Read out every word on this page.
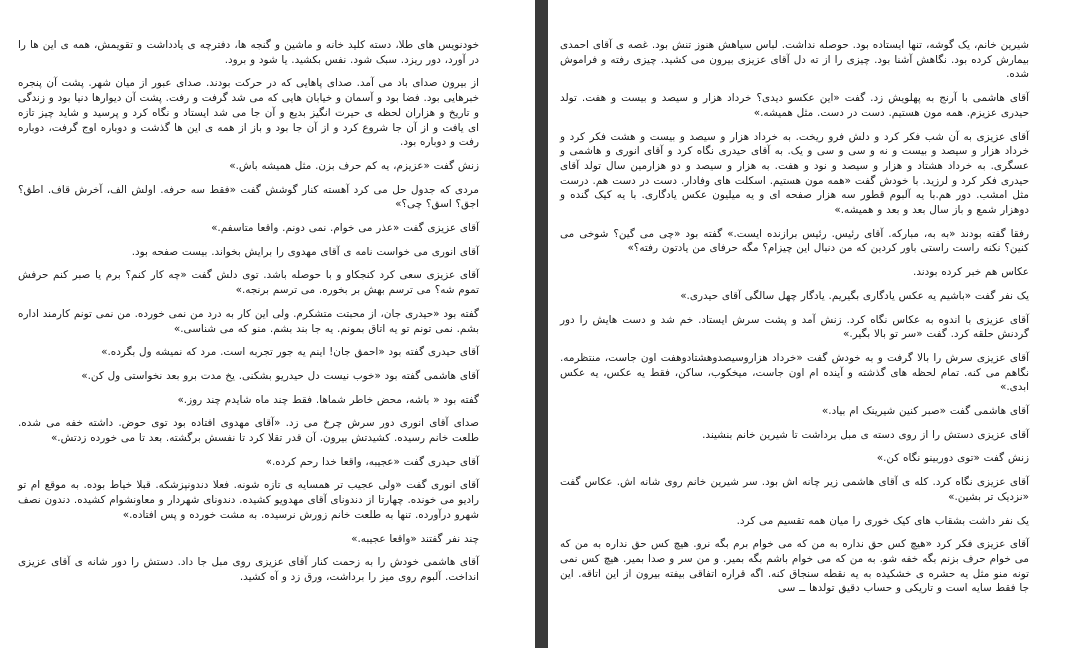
خودنویس های طلا، دسته کلید خانه و ماشین و گنجه ها، دفترچه ی یادداشت و تقویمش، همه ی این ها را در آورد، دور ریزد. سبک شود. نفس بکشید. یا شود و برود.

از بیرون صدای باد می آمد. صدای پاهایی که در حرکت بودند. صدای عبور از میان شهر. پشت آن پنجره خبرهایی بود. فضا بود و آسمان و خیابان هایی که می شد گرفت و رفت. پشت آن دیوارها دنیا بود و زندگی و تاریخ و هزاران لحظه ی حیرت انگیز بدیع و آن جا می شد ایستاد و نگاه کرد و پرسید و شاید چیز تازه ای یافت و از آن جا شروع کرد و از آن جا بود و باز از همه ی این ها گذشت و دوباره اوج گرفت، دوباره رفت و دوباره بود.

زنش گفت «عزیزم، یه کم حرف بزن. مثل همیشه باش.»

مردی که جدول حل می کرد آهسته کنار گوشش گفت «فقط سه حرفه. اولش الف، آخرش قاف. اطق؟ اجق؟ اسق؟ چی؟»

آقای عزیزی گفت «عذر می خوام. نمی دونم. واقعا متاسفم.»

آقای انوری می خواست نامه ی آقای مهدوی را برایش بخواند. بیست صفحه بود.

آقای عزیزی سعی کرد کنجکاو و با حوصله باشد. توی دلش گفت «چه کار کنم؟ برم یا صبر کنم حرفش تموم شه؟ می ترسم بهش بر بخوره. می ترسم برنجه.»

گفته بود «حیدری جان، از محبتت متشکرم. ولی این کار به درد من نمی خورده. من نمی تونم کارمند اداره بشم. نمی تونم تو یه اتاق بمونم. یه جا بند بشم. منو که می شناسی.»

آقای حیدری گفته بود «احمق جان! اینم یه جور تجربه است. مرد که نمیشه ول بگرده.»

آقای هاشمی گفته بود «خوب نیست دل حیدریو بشکنی. یخ مدت برو بعد نخواستی ول کن.»

گفته بود « باشه، محض خاطر شماها. فقط چند ماه شایدم چند روز.»

صدای آقای انوری دور سرش چرخ می زد. «آقای مهدوی افتاده بود توی حوض. داشته خفه می شده. طلعت خانم رسیده. کشیدتش بیرون. آن قدر تقلا کرد تا نفسش برگشته. بعد تا می خورده زدتش.»

آقای حیدری گفت «عجیبه، واقعا خدا رحم کرده.»

آقای انوری گفت «ولی عجیب تر همسایه ی تازه شونه. فعلا دندونپزشکه. قبلا خیاط بوده. به موقع ام تو رادیو می خونده. چهارتا از دندونای آقای مهدویو کشیده. دندونای شهردار و معاونشوام کشیده. دندون نصف شهرو درآورده. تنها به طلعت خانم زورش نرسیده. به مشت خورده و پس افتاده.»

چند نفر گفتند «واقعا عجیبه.»

آقای هاشمی خودش را به زحمت کنار آقای عزیزی روی مبل جا داد. دستش را دور شانه ی آقای عزیزی انداخت. آلبوم روی میز را برداشت، ورق زد و آه کشید.

شیرین خانم، یک گوشه، تنها ایستاده بود. حوصله نداشت. لباس سیاهش هنوز تنش بود. غصه ی آقای احمدی بیمارش کرده بود. نگاهش آشنا بود. چیزی را از ته دل آقای عزیزی بیرون می کشید. چیزی رفته و فراموش شده.

آقای هاشمی با آرنج به پهلویش زد. گفت «این عکسو دیدی؟ خرداد هزار و سیصد و بیست و هفت. تولد حیدری عزیزم. همه مون هستیم. دست در دست. مثل همیشه.»

آقای عزیزی به آن شب فکر کرد و دلش فرو ریخت. به خرداد هزار و سیصد و بیست و هشت فکر کرد و خرداد هزار و سیصد و بیست و نه و سی و سی و یک. به آقای حیدری نگاه کرد و آقای انوری و هاشمی و عسگری. به خرداد هشتاد و هزار و سیصد و نود و هفت. به هزار و سیصد و دو هزارمین سال تولد آقای حیدری فکر کرد و لرزید. با خودش گفت «همه مون هستیم. اسکلت های وفادار. دست در دست هم. درست مثل امشب. دور هم.با یه آلبوم قطور سه هزار صفحه ای و یه میلیون عکس یادگاری. با یه کیک گنده و دوهزار شمع و باز سال بعد و بعد و همیشه.»

رفقا گفته بودند «به به، مبارکه. آقای رئیس. رئیس برازنده ایست.» گفته بود «چی می گین؟ شوخی می کنین؟ نکنه راست راستی باور کردین که من دنبال این چیزام؟ مگه حرفای من یادتون رفته؟»

عکاس هم خبر کرده بودند.

یک نفر گفت «باشیم یه عکس یادگاری بگیریم. یادگار چهل سالگی آقای حیدری.»

آقای عزیزی با اندوه به عکاس نگاه کرد. زنش آمد و پشت سرش ایستاد. خم شد و دست هایش را دور گردنش حلقه کرد. گفت «سر تو بالا بگیر.»

آقای عزیزی سرش را بالا گرفت و به خودش گفت «خرداد هزاروسیصدوهشتادوهفت اون جاست، منتظرمه. نگاهم می کنه. تمام لحظه های گذشته و آینده ام اون جاست، میخکوب، ساکن، فقط یه عکس، یه عکس ابدی.»

آقای هاشمی گفت «صبر کنین شیرینک ام بیاد.»

آقای عزیزی دستش را از روی دسته ی مبل برداشت تا شیرین خانم بنشیند.

زنش گفت «توی دوربینو نگاه کن.»

آقای عزیزی نگاه کرد. کله ی آقای هاشمی زیر چانه اش بود. سر شیرین خانم روی شانه اش. عکاس گفت «نزدیک تر بشین.»

یک نفر داشت بشقاب های کیک خوری را میان همه تقسیم می کرد.

آقای عزیزی فکر کرد «هیچ کس حق نداره به من که می خوام برم بگه نرو. هیچ کس حق نداره به من که می خوام حرف بزنم بگه خفه شو. به من که می خوام باشم بگه بمیر. و من سر و صدا بمیر. هیچ کس نمی تونه منو مثل یه حشره ی خشکیده به یه نقطه سنجاق کنه. اگه قراره اتفاقی بیفته بیرون از این اتاقه. این جا فقط سایه است و تاریکی و حساب دقیق تولدها ــ سی
